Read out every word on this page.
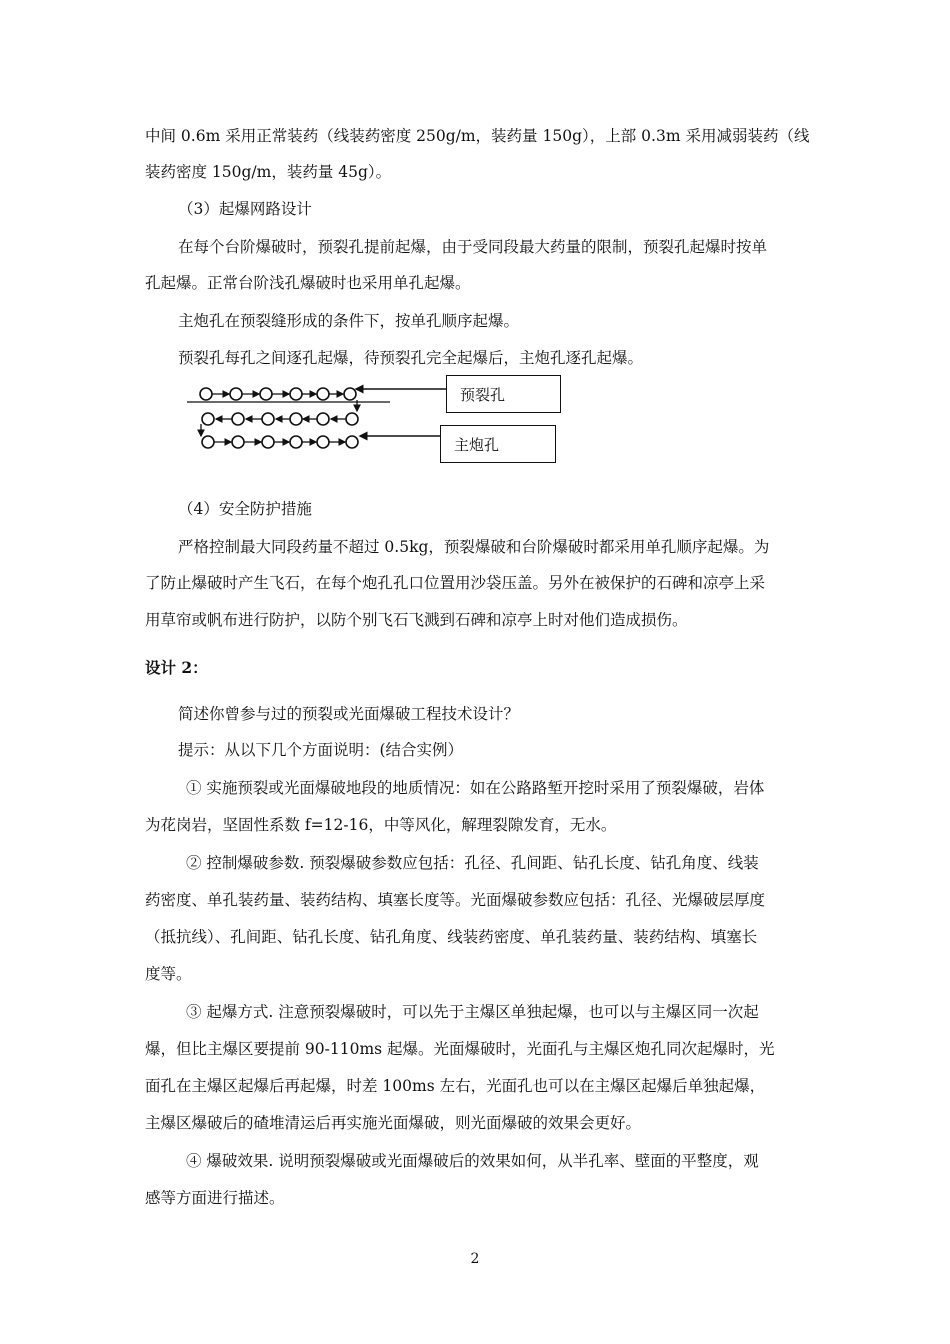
中间 0.6m 采用正常装药（线装药密度 250g/m，装药量 150g），上部 0.3m 采用减弱装药（线
装药密度 150g/m，装药量 45g）。
（3）起爆网路设计
在每个台阶爆破时，预裂孔提前起爆，由于受同段最大药量的限制，预裂孔起爆时按单
孔起爆。正常台阶浅孔爆破时也采用单孔起爆。
主炮孔在预裂缝形成的条件下，按单孔顺序起爆。
预裂孔每孔之间逐孔起爆，待预裂孔完全起爆后，主炮孔逐孔起爆。
预裂孔
主炮孔
（4）安全防护措施
严格控制最大同段药量不超过 0.5kg，预裂爆破和台阶爆破时都采用单孔顺序起爆。为
了防止爆破时产生飞石，在每个炮孔孔口位置用沙袋压盖。另外在被保护的石碑和凉亭上采
用草帘或帆布进行防护，以防个别飞石飞溅到石碑和凉亭上时对他们造成损伤。
设计 2：
简述你曾参与过的预裂或光面爆破工程技术设计？
提示：从以下几个方面说明：(结合实例）
① 实施预裂或光面爆破地段的地质情况：如在公路路堑开挖时采用了预裂爆破，岩体
为花岗岩，坚固性系数 f=12-16，中等风化，解理裂隙发育，无水。
② 控制爆破参数. 预裂爆破参数应包括：孔径、孔间距、钻孔长度、钻孔角度、线装
药密度、单孔装药量、装药结构、填塞长度等。光面爆破参数应包括：孔径、光爆破层厚度
（抵抗线）、孔间距、钻孔长度、钻孔角度、线装药密度、单孔装药量、装药结构、填塞长
度等。
③ 起爆方式. 注意预裂爆破时，可以先于主爆区单独起爆，也可以与主爆区同一次起
爆，但比主爆区要提前 90-110ms 起爆。光面爆破时，光面孔与主爆区炮孔同次起爆时，光
面孔在主爆区起爆后再起爆，时差 100ms 左右，光面孔也可以在主爆区起爆后单独起爆，
主爆区爆破后的碴堆清运后再实施光面爆破，则光面爆破的效果会更好。
④ 爆破效果. 说明预裂爆破或光面爆破后的效果如何，从半孔率、壁面的平整度，观
感等方面进行描述。
2
